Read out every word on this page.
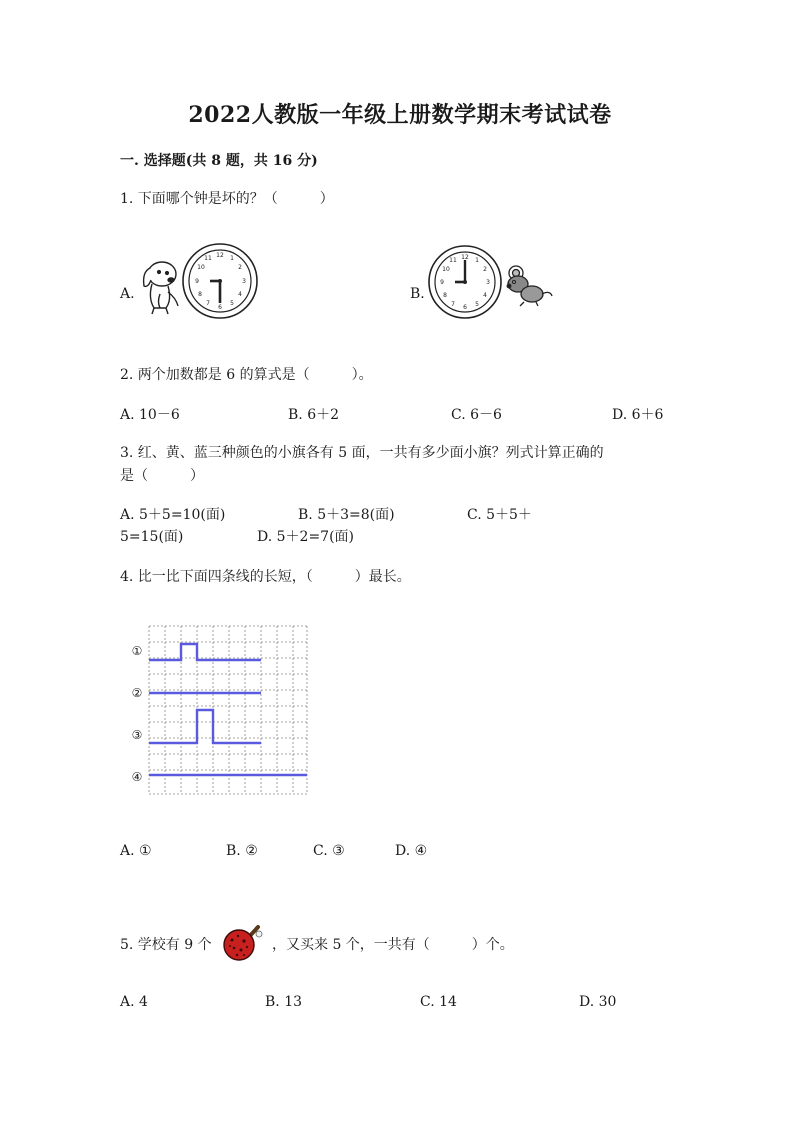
2022人教版一年级上册数学期末考试试卷
一. 选择题(共 8 题，共 16 分)
1. 下面哪个钟是坏的？（　　　）
A.	B.
12 1
2
3
4
5
6
7
8
9
10
11	12 1
2
3
4
5
6
7
8
9
10
11
2. 两个加数都是 6 的算式是（　　　）。
A. 10－6	B. 6＋2	C. 6－6	D. 6＋6
3. 红、黄、蓝三种颜色的小旗各有 5 面，一共有多少面小旗？列式计算正确的
是（　　　）
A. 5＋5=10(面)	B. 5＋3=8(面)	C. 5＋5＋
5=15(面)	D. 5＋2=7(面)
4. 比一比下面四条线的长短，（　　　）最长。
①
②
③
④
A. ①	B. ②	C. ③	D. ④
5. 学校有 9 个	，又买来 5 个，一共有（　　　）个。
A. 4	B. 13	C. 14	D. 30
